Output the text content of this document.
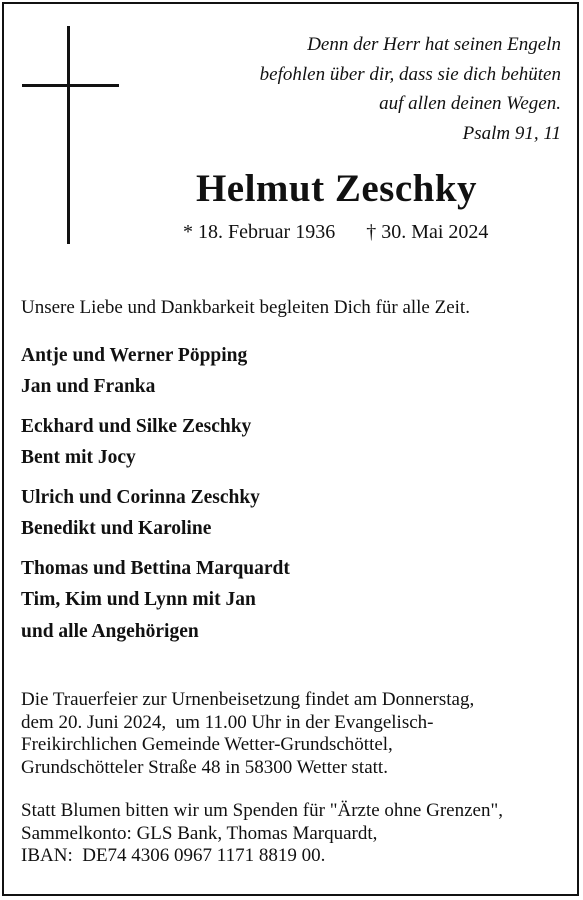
Denn der Herr hat seinen Engeln
befohlen über dir, dass sie dich behüten
auf allen deinen Wegen.
Psalm 91, 11
Helmut Zeschky
* 18. Februar 1936 † 30. Mai 2024
Unsere Liebe und Dankbarkeit begleiten Dich für alle Zeit.
Antje und Werner Pöpping
Jan und Franka
Eckhard und Silke Zeschky
Bent mit Jocy
Ulrich und Corinna Zeschky
Benedikt und Karoline
Thomas und Bettina Marquardt
Tim, Kim und Lynn mit Jan
und alle Angehörigen
Die Trauerfeier zur Urnenbeisetzung findet am Donnerstag,
dem 20. Juni 2024,  um 11.00 Uhr in der Evangelisch-
Freikirchlichen Gemeinde Wetter-Grundschöttel,
Grundschötteler Straße 48 in 58300 Wetter statt.
Statt Blumen bitten wir um Spenden für "Ärzte ohne Grenzen",
Sammelkonto: GLS Bank, Thomas Marquardt,
IBAN:  DE74 4306 0967 1171 8819 00.
